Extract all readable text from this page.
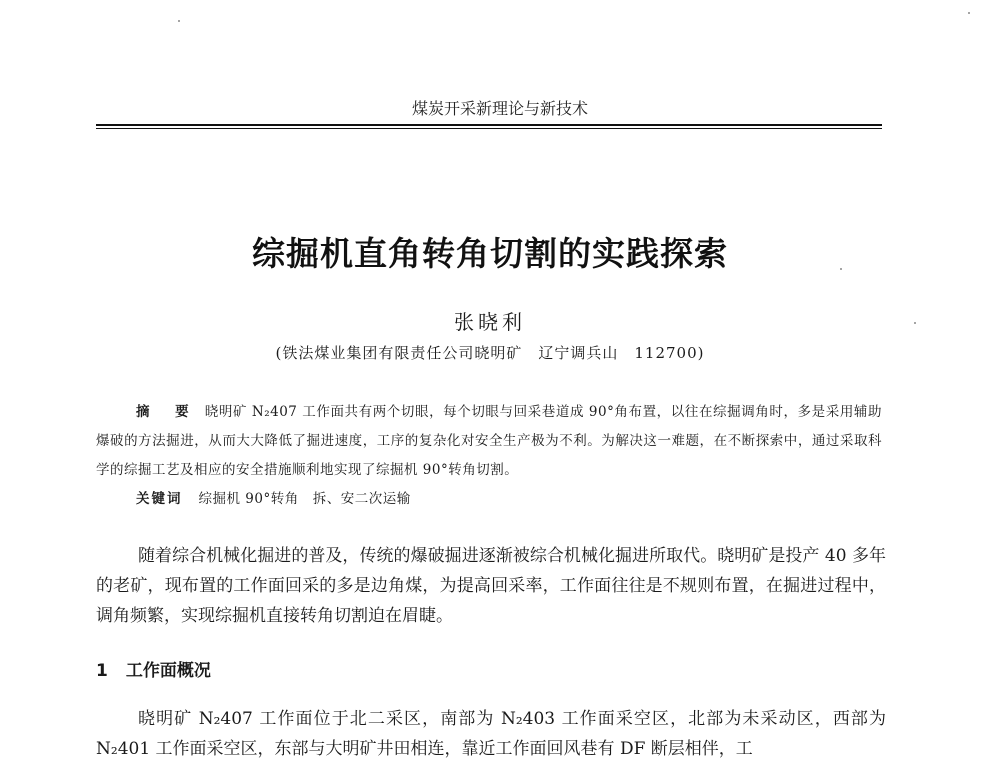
煤炭开采新理论与新技术
综掘机直角转角切割的实践探索
张晓利
(铁法煤业集团有限责任公司晓明矿　辽宁调兵山　112700)
摘　要 晓明矿 N₂407 工作面共有两个切眼，每个切眼与回采巷道成 90°角布置，以往在综掘调角时，多是采用辅助爆破的方法掘进，从而大大降低了掘进速度，工序的复杂化对安全生产极为不利。为解决这一难题，在不断探索中，通过采取科学的综掘工艺及相应的安全措施顺利地实现了综掘机 90°转角切割。
关键词 综掘机 90°转角　拆、安二次运输
随着综合机械化掘进的普及，传统的爆破掘进逐渐被综合机械化掘进所取代。晓明矿是投产 40 多年的老矿，现布置的工作面回采的多是边角煤，为提高回采率，工作面往往是不规则布置，在掘进过程中，调角频繁，实现综掘机直接转角切割迫在眉睫。
1 工作面概况
晓明矿 N₂407 工作面位于北二采区，南部为 N₂403 工作面采空区，北部为未采动区，西部为 N₂401 工作面采空区，东部与大明矿井田相连，靠近工作面回风巷有 DF 断层相伴，工
